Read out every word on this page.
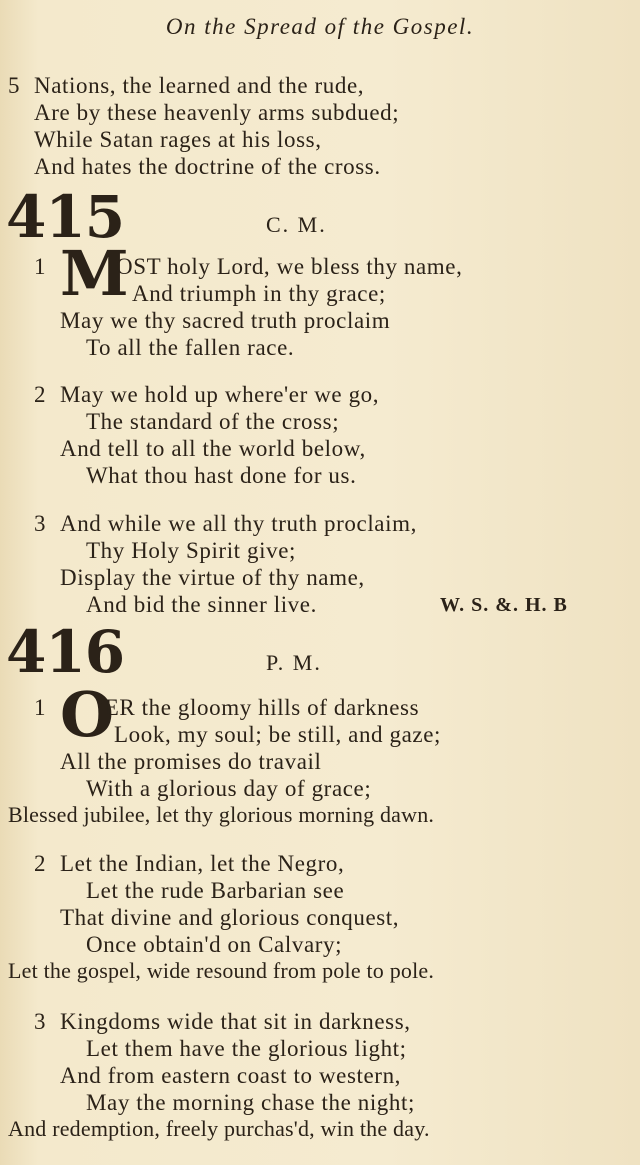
On the Spread of the Gospel.
5 Nations, the learned and the rude,
Are by these heavenly arms subdued;
While Satan rages at his loss,
And hates the doctrine of the cross.
415	C. M.
1 M
OST holy Lord, we bless thy name,
And triumph in thy grace;
May we thy sacred truth proclaim
To all the fallen race.
2 May we hold up where'er we go,
The standard of the cross;
And tell to all the world below,
What thou hast done for us.
3 And while we all thy truth proclaim,
Thy Holy Spirit give;
Display the virtue of thy name,
And bid the sinner live.	W. S. &. H. B
416	P. M.
1 O
'ER the gloomy hills of darkness
Look, my soul; be still, and gaze;
All the promises do travail
With a glorious day of grace;
Blessed jubilee, let thy glorious morning dawn.
2 Let the Indian, let the Negro,
Let the rude Barbarian see
That divine and glorious conquest,
Once obtain'd on Calvary;
Let the gospel, wide resound from pole to pole.
3 Kingdoms wide that sit in darkness,
Let them have the glorious light;
And from eastern coast to western,
May the morning chase the night;
And redemption, freely purchas'd, win the day.
